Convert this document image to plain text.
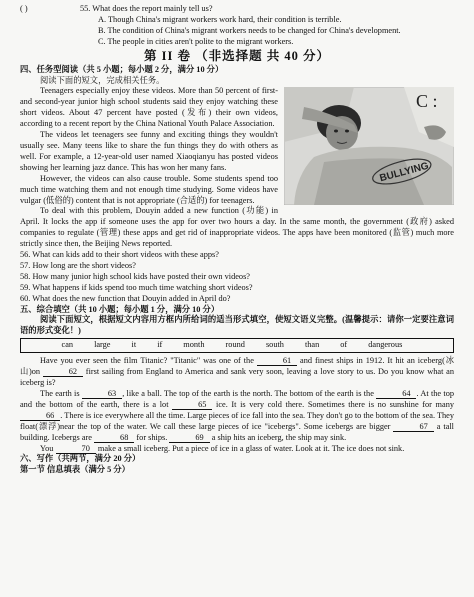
( )	55. What does the report mainly tell us?

A. Though China's migrant workers work hard, their condition is terrible.

B. The condition of China's migrant workers needs to be changed for China's development.

C. The people in cities aren't polite to the migrant workers.

第 II 卷 （非选择题 共 40 分）

四、任务型阅读（共 5 小题；每小题 2 分，满分 10 分）

阅读下面的短文，完成相关任务。

BULLYING
C :

Teenagers especially enjoy these videos. More than 50 percent of first- and second-year junior high school students said they enjoy watching these short videos. About 47 percent have posted (发布) their own videos, according to a recent report by the China National Youth Palace Association.

The videos let teenagers see funny and exciting things they wouldn't usually see. Many teens like to share the fun things they do with others as well. For example, a 12-year-old user named Xiaoqianyu has posted videos showing her learning jazz dance. This has won her many fans.

However, the videos can also cause trouble. Some students spend too much time watching them and not enough time studying. Some videos have vulgar (低俗的) content that is not appropriate (合适的) for teenagers.

To deal with this problem, Douyin added a new function (功能) in April. It locks the app if someone uses the app for over two hours a day. In the same month, the government (政府) asked companies to regulate (管理) these apps and get rid of inappropriate videos. The apps have been monitored (监管) much more strictly since then, the Beijing News reported.

56. What can kids add to their short videos with these apps?

57. How long are the short videos?

58. How many junior high school kids have posted their own videos?

59. What happens if kids spend too much time watching short videos?

60. What does the new function that Douyin added in April do?

五、综合填空（共 10 小题；每小题 1 分，满分 10 分）

阅读下面短文，根据短文内容用方框内所给词的适当形式填空，使短文语义完整。(温馨提示：请你一定要注意词语的形式变化！)

can	large	it	if	month	round	south	than	of	dangerous

Have you ever seen the film Titanic? "Titanic" was one of the	61 and finest ships in 1912. It hit an iceberg(冰山)on	62 first sailing from England to America and sank very soon, leaving a love story to us. Do you know what an iceberg is?

The earth is	63 , like a ball. The top of the earth is the north. The bottom of the earth is the	64 . At the top and the bottom of the earth, there is a lot	65 ice. It is very cold there. Sometimes there is no sunshine for many 66 . There is ice everywhere all the time. Large pieces of ice fall into the sea. They don't go to the bottom of the sea. They float(漂浮)near the top of the water. We call these large pieces of ice "icebergs". Some icebergs are bigger	67 a tall building. Icebergs are	68 for ships.	69 a ship hits an iceberg, the ship may sink.

You	70 make a small iceberg. Put a piece of ice in a glass of water. Look at it. The ice does not sink.

六、写作（共两节，满分 20 分）

第一节 信息填表（满分 5 分）
